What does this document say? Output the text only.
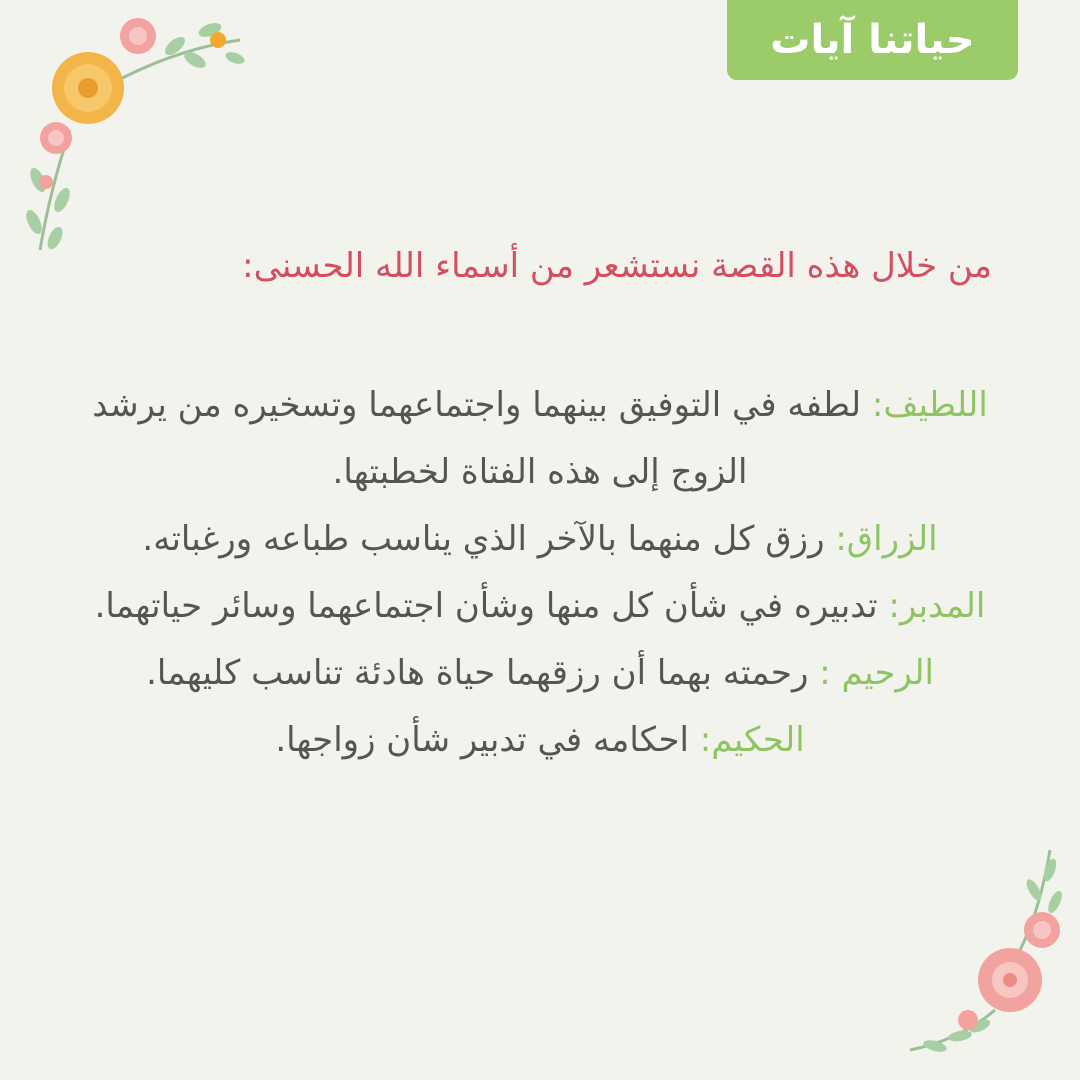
حياتنا آيات
من خلال هذه القصة نستشعر من أسماء الله الحسنى:

اللطيف: لطفه في التوفيق بينهما واجتماعهما وتسخيره من يرشد الزوج إلى هذه الفتاة لخطبتها.

الزراق: رزق كل منهما بالآخر الذي يناسب طباعه ورغباته.

المدبر: تدبيره في شأن كل منها وشأن اجتماعهما وسائر حياتهما.

الرحيم : رحمته بهما أن رزقهما حياة هادئة تناسب كليهما.

الحكيم: احكامه في تدبير شأن زواجها.
